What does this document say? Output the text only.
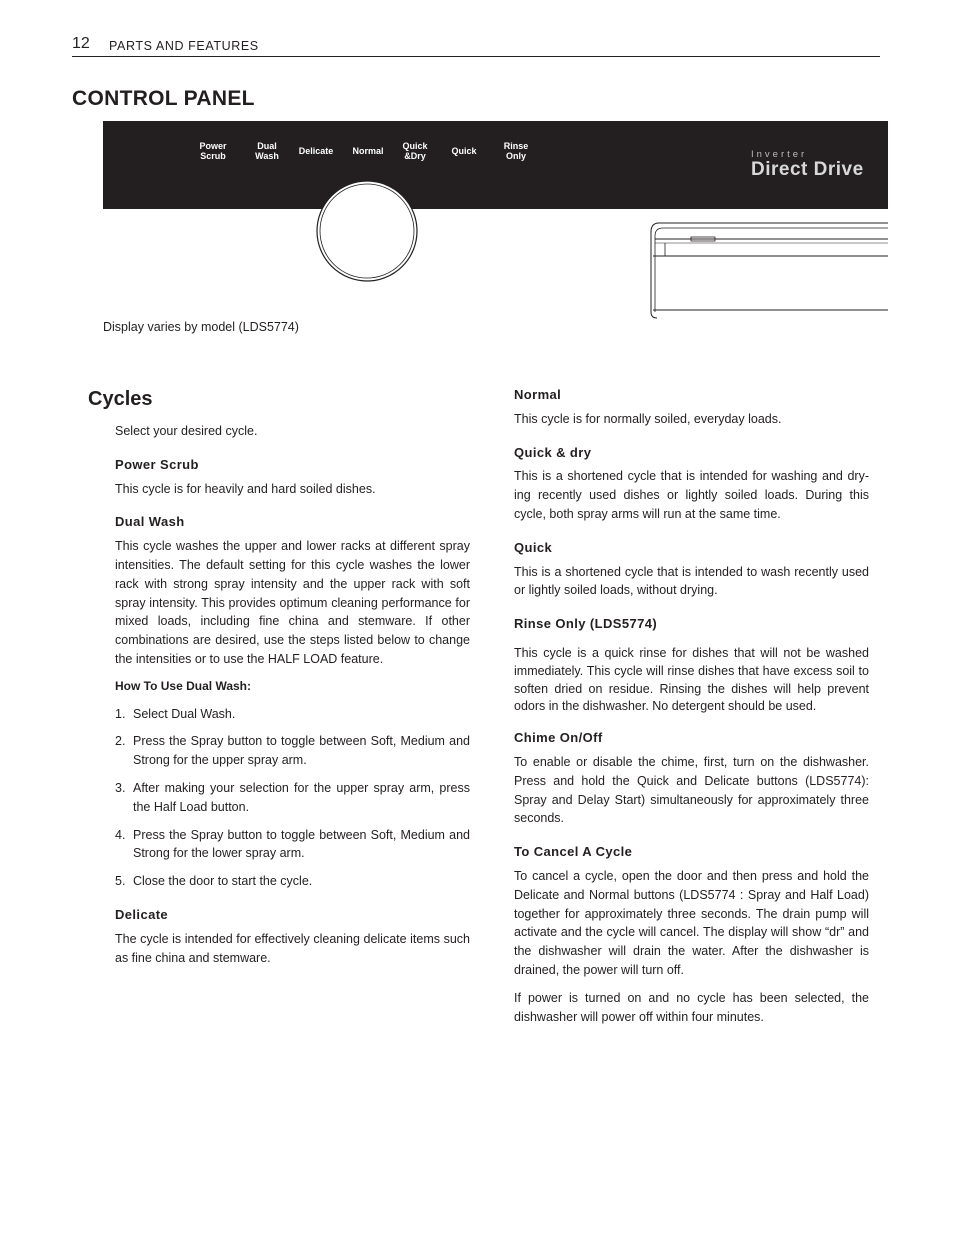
12 PARTS AND FEATURES
CONTROL PANEL
Power
Scrub
Dual
Wash	Delicate	Normal	Quick
&Dry	Quick	Rinse
Only	Inverter
Direct Drive
Display varies by model (LDS5774)
Cycles

Select your desired cycle.

Power Scrub

This cycle is for heavily and hard soiled dishes.

Dual Wash

This cycle washes the upper and lower racks at different spray intensities. The default setting for this cycle washes the lower rack with strong spray intensity and the upper rack with soft spray intensity. This provides optimum cleaning performance for mixed loads, including fine china and stemware. If other combinations are desired, use the steps listed below to change the intensities or to use the HALF LOAD feature.

How To Use Dual Wash:
1. Select Dual Wash.
2. Press the Spray button to toggle between Soft, Medium and Strong for the upper spray arm.
3. After making your selection for the upper spray arm, press the Half Load button.
4. Press the Spray button to toggle between Soft, Medium and Strong for the lower spray arm.
5. Close the door to start the cycle.
Delicate

The cycle is intended for effectively cleaning delicate items such as fine china and stemware.

Normal

This cycle is for normally soiled, everyday loads.

Quick & dry

This is a shortened cycle that is intended for washing and drying recently used dishes or lightly soiled loads. During this cycle, both spray arms will run at the same time.

Quick

This is a shortened cycle that is intended to wash recently used or lightly soiled loads, without drying.

Rinse Only (LDS5774)

This cycle is a quick rinse for dishes that will not be washed immediately. This cycle will rinse dishes that have excess soil to soften dried on residue. Rinsing the dishes will help prevent odors in the dishwasher. No detergent should be used.

Chime On/Off

To enable or disable the chime, first, turn on the dishwasher. Press and hold the Quick and Delicate buttons (LDS5774): Spray and Delay Start) simultaneously for approximately three seconds.

To Cancel A Cycle

To cancel a cycle, open the door and then press and hold the Delicate and Normal buttons (LDS5774 : Spray and Half Load) together for approximately three seconds. The drain pump will activate and the cycle will cancel. The display will show “dr” and the dishwasher will drain the water. After the dishwasher is drained, the power will turn off.

If power is turned on and no cycle has been selected, the dishwasher will power off within four minutes.
